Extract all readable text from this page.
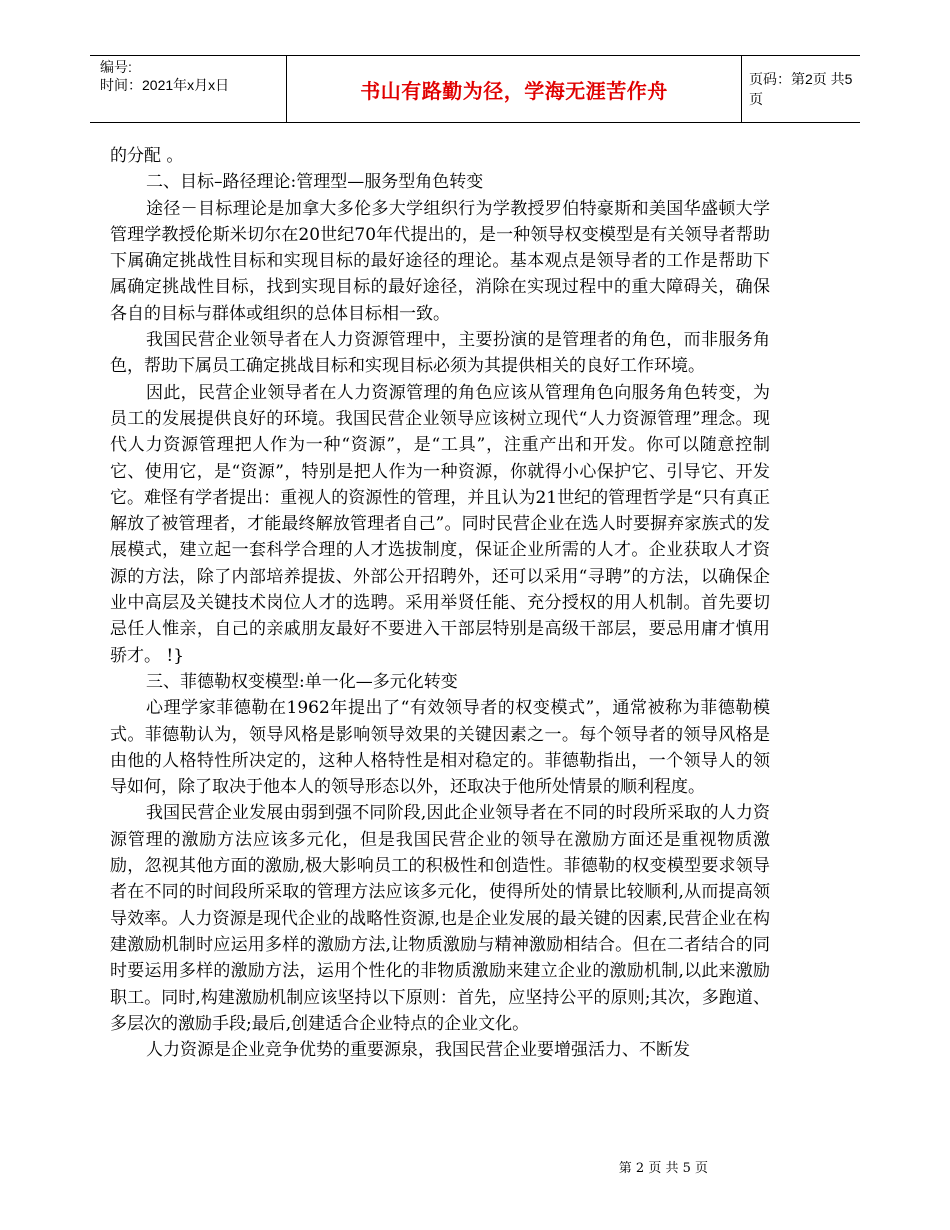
编号:
时间：2021年x月x日	书山有路勤为径，学海无涯苦作舟	页码：第2页 共5页

的分配 。

二、目标–路径理论:管理型—服务型角色转变

途径－目标理论是加拿大多伦多大学组织行为学教授罗伯特豪斯和美国华盛顿大学管理学教授伦斯米切尔在20世纪70年代提出的，是一种领导权变模型是有关领导者帮助下属确定挑战性目标和实现目标的最好途径的理论。基本观点是领导者的工作是帮助下属确定挑战性目标，找到实现目标的最好途径，消除在实现过程中的重大障碍关，确保各自的目标与群体或组织的总体目标相一致。

我国民营企业领导者在人力资源管理中，主要扮演的是管理者的角色，而非服务角色，帮助下属员工确定挑战目标和实现目标必须为其提供相关的良好工作环境。

因此，民营企业领导者在人力资源管理的角色应该从管理角色向服务角色转变，为员工的发展提供良好的环境。我国民营企业领导应该树立现代“人力资源管理”理念。现代人力资源管理把人作为一种“资源”，是“工具”，注重产出和开发。你可以随意控制它、使用它，是“资源”，特别是把人作为一种资源，你就得小心保护它、引导它、开发它。难怪有学者提出：重视人的资源性的管理，并且认为21世纪的管理哲学是“只有真正解放了被管理者，才能最终解放管理者自己”。同时民营企业在选人时要摒弃家族式的发展模式，建立起一套科学合理的人才选拔制度，保证企业所需的人才。企业获取人才资源的方法，除了内部培养提拔、外部公开招聘外，还可以采用“寻聘”的方法，以确保企业中高层及关键技术岗位人才的选聘。采用举贤任能、充分授权的用人机制。首先要切忌任人惟亲，自己的亲戚朋友最好不要进入干部层特别是高级干部层，要忌用庸才慎用骄才。 !}

三、菲德勒权变模型:单一化—多元化转变

心理学家菲德勒在1962年提出了“有效领导者的权变模式”，通常被称为菲德勒模式。菲德勒认为，领导风格是影响领导效果的关键因素之一。每个领导者的领导风格是由他的人格特性所决定的，这种人格特性是相对稳定的。菲德勒指出，一个领导人的领导如何，除了取决于他本人的领导形态以外，还取决于他所处情景的顺利程度。

我国民营企业发展由弱到强不同阶段,因此企业领导者在不同的时段所采取的人力资源管理的激励方法应该多元化，但是我国民营企业的领导在激励方面还是重视物质激励，忽视其他方面的激励,极大影响员工的积极性和创造性。菲德勒的权变模型要求领导者在不同的时间段所采取的管理方法应该多元化，使得所处的情景比较顺利,从而提高领导效率。人力资源是现代企业的战略性资源,也是企业发展的最关键的因素,民营企业在构建激励机制时应运用多样的激励方法,让物质激励与精神激励相结合。但在二者结合的同时要运用多样的激励方法，运用个性化的非物质激励来建立企业的激励机制,以此来激励职工。同时,构建激励机制应该坚持以下原则：首先，应坚持公平的原则;其次，多跑道、多层次的激励手段;最后,创建适合企业特点的企业文化。

人力资源是企业竞争优势的重要源泉，我国民营企业要增强活力、不断发

第 2 页 共 5 页
